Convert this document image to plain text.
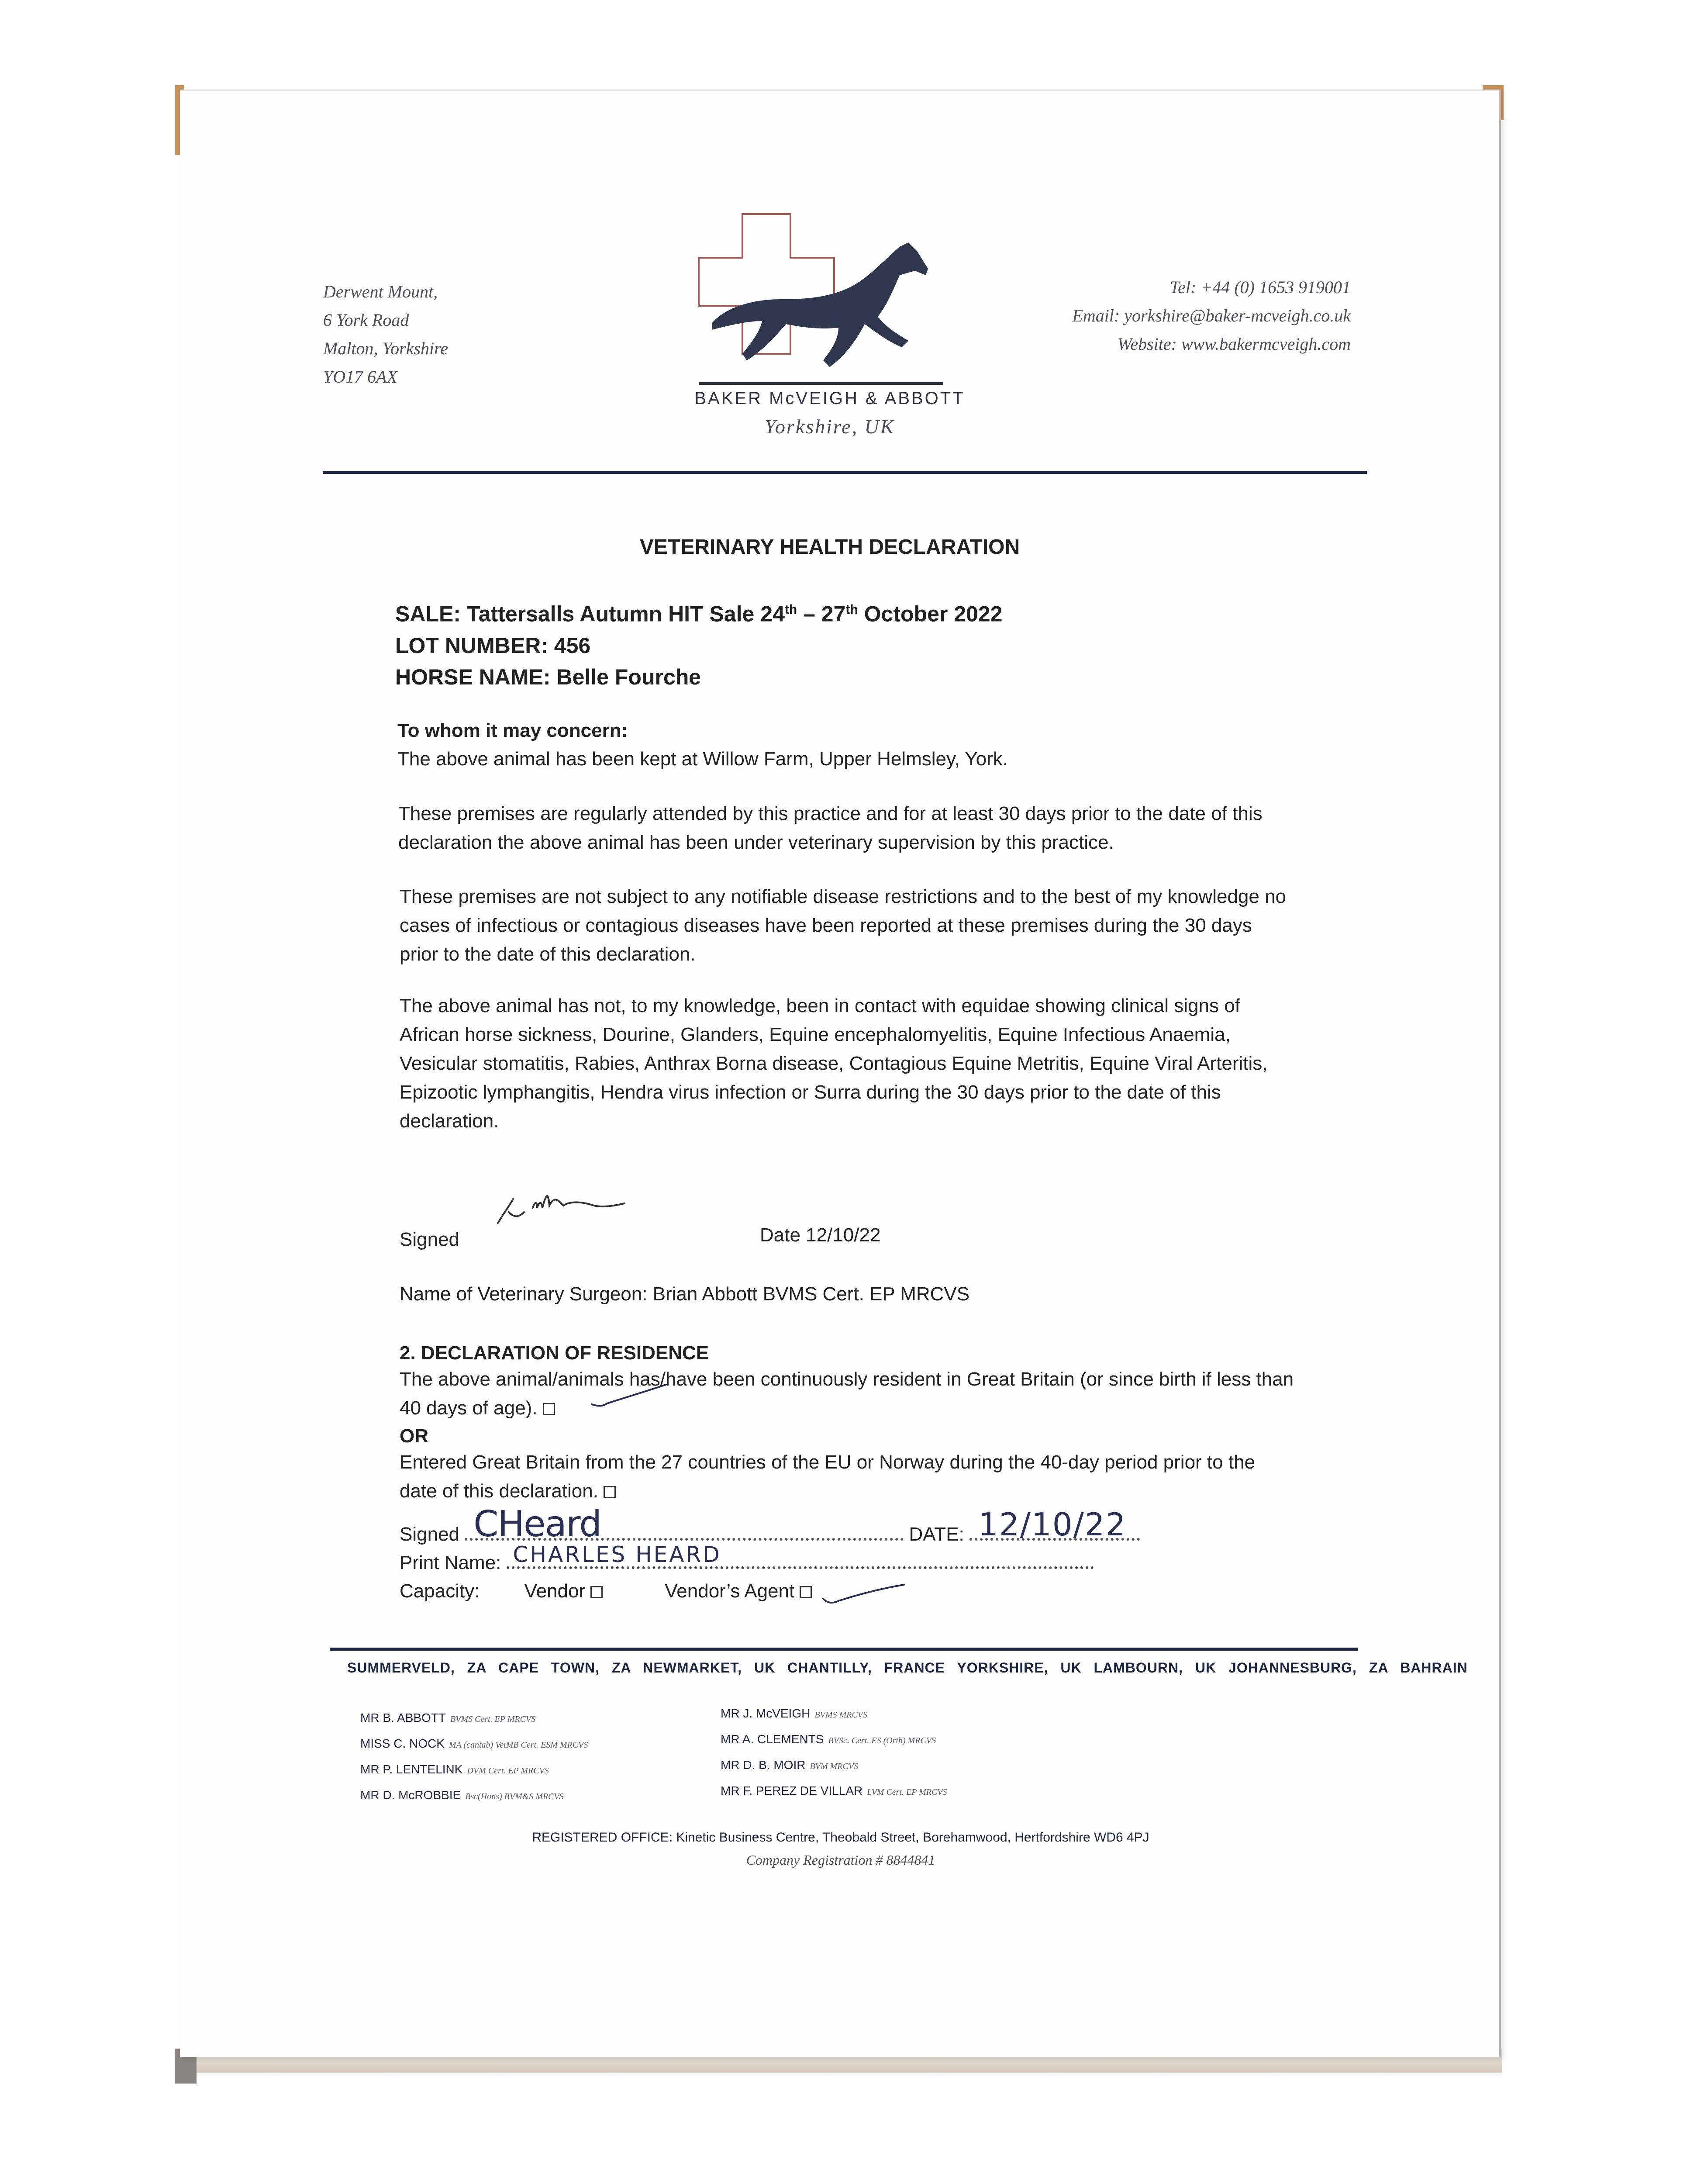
Derwent Mount,
6 York Road
Malton, Yorkshire
YO17 6AX
Tel: +44 (0) 1653 919001
Email: yorkshire@baker-mcveigh.co.uk
Website: www.bakermcveigh.com
BAKER McVEIGH & ABBOTT
Yorkshire, UK
VETERINARY HEALTH DECLARATION
SALE: Tattersalls Autumn HIT Sale 24th – 27th October 2022
LOT NUMBER: 456
HORSE NAME: Belle Fourche
To whom it may concern:
The above animal has been kept at Willow Farm, Upper Helmsley, York.
These premises are regularly attended by this practice and for at least 30 days prior to the date of this declaration the above animal has been under veterinary supervision by this practice.
These premises are not subject to any notifiable disease restrictions and to the best of my knowledge no cases of infectious or contagious diseases have been reported at these premises during the 30 days prior to the date of this declaration.
The above animal has not, to my knowledge, been in contact with equidae showing clinical signs of African horse sickness, Dourine, Glanders, Equine encephalomyelitis, Equine Infectious Anaemia, Vesicular stomatitis, Rabies, Anthrax Borna disease, Contagious Equine Metritis, Equine Viral Arteritis, Epizootic lymphangitis, Hendra virus infection or Surra during the 30 days prior to the date of this declaration.
Signed	Date 12/10/22
Name of Veterinary Surgeon: Brian Abbott BVMS Cert. EP MRCVS
2. DECLARATION OF RESIDENCE
The above animal/animals has/have been continuously resident in Great Britain (or since birth if less than 40 days of age).
OR
Entered Great Britain from the 27 countries of the EU or Norway during the 40-day period prior to the date of this declaration.
Signed CHeard	DATE: 12/10/22
Print Name: CHARLES HEARD
Capacity: Vendor	Vendor’s Agent
SUMMERVELD, ZA CAPE TOWN, ZA NEWMARKET, UK CHANTILLY, FRANCE YORKSHIRE, UK LAMBOURN, UK JOHANNESBURG, ZA BAHRAIN
MR B. ABBOTT BVMS Cert. EP MRCVS
MISS C. NOCK MA (cantab) VetMB Cert. ESM MRCVS
MR P. LENTELINK DVM Cert. EP MRCVS
MR D. McROBBIE Bsc(Hons) BVM&S MRCVS
MR J. McVEIGH BVMS MRCVS
MR A. CLEMENTS BVSc. Cert. ES (Orth) MRCVS
MR D. B. MOIR BVM MRCVS
MR F. PEREZ DE VILLAR LVM Cert. EP MRCVS
REGISTERED OFFICE: Kinetic Business Centre, Theobald Street, Borehamwood, Hertfordshire WD6 4PJ
Company Registration # 8844841
